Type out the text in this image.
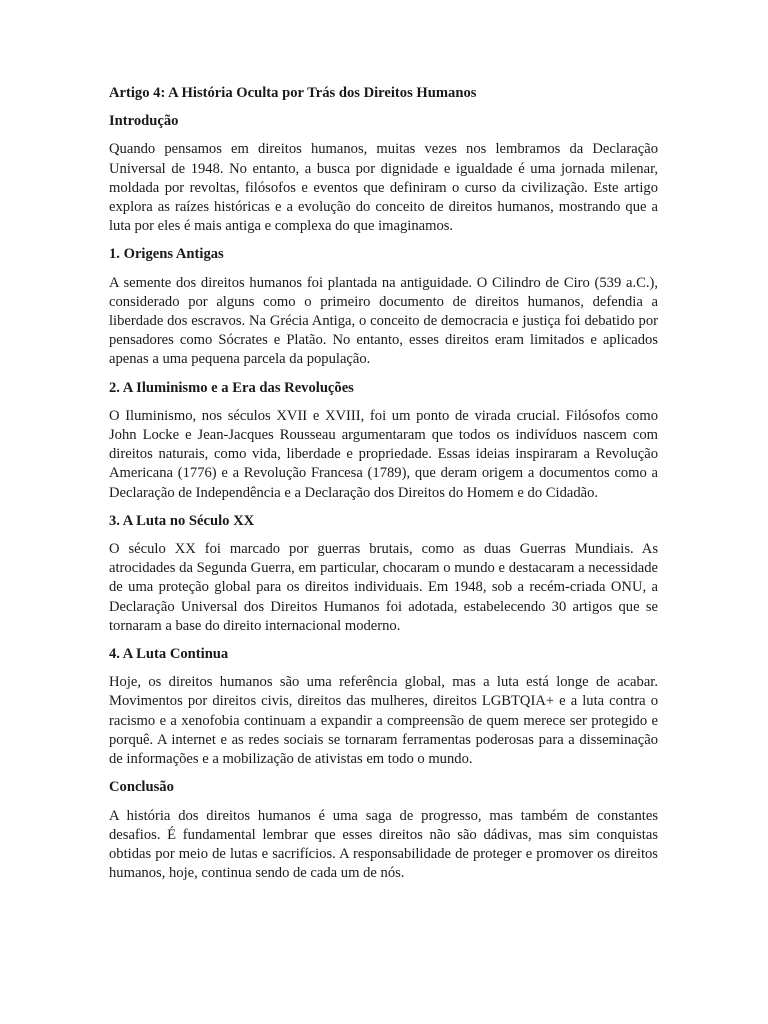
Artigo 4: A História Oculta por Trás dos Direitos Humanos
Introdução
Quando pensamos em direitos humanos, muitas vezes nos lembramos da Declaração Universal de 1948. No entanto, a busca por dignidade e igualdade é uma jornada milenar, moldada por revoltas, filósofos e eventos que definiram o curso da civilização. Este artigo explora as raízes históricas e a evolução do conceito de direitos humanos, mostrando que a luta por eles é mais antiga e complexa do que imaginamos.
1. Origens Antigas
A semente dos direitos humanos foi plantada na antiguidade. O Cilindro de Ciro (539 a.C.), considerado por alguns como o primeiro documento de direitos humanos, defendia a liberdade dos escravos. Na Grécia Antiga, o conceito de democracia e justiça foi debatido por pensadores como Sócrates e Platão. No entanto, esses direitos eram limitados e aplicados apenas a uma pequena parcela da população.
2. A Iluminismo e a Era das Revoluções
O Iluminismo, nos séculos XVII e XVIII, foi um ponto de virada crucial. Filósofos como John Locke e Jean-Jacques Rousseau argumentaram que todos os indivíduos nascem com direitos naturais, como vida, liberdade e propriedade. Essas ideias inspiraram a Revolução Americana (1776) e a Revolução Francesa (1789), que deram origem a documentos como a Declaração de Independência e a Declaração dos Direitos do Homem e do Cidadão.
3. A Luta no Século XX
O século XX foi marcado por guerras brutais, como as duas Guerras Mundiais. As atrocidades da Segunda Guerra, em particular, chocaram o mundo e destacaram a necessidade de uma proteção global para os direitos individuais. Em 1948, sob a recém-criada ONU, a Declaração Universal dos Direitos Humanos foi adotada, estabelecendo 30 artigos que se tornaram a base do direito internacional moderno.
4. A Luta Continua
Hoje, os direitos humanos são uma referência global, mas a luta está longe de acabar. Movimentos por direitos civis, direitos das mulheres, direitos LGBTQIA+ e a luta contra o racismo e a xenofobia continuam a expandir a compreensão de quem merece ser protegido e porquê. A internet e as redes sociais se tornaram ferramentas poderosas para a disseminação de informações e a mobilização de ativistas em todo o mundo.
Conclusão
A história dos direitos humanos é uma saga de progresso, mas também de constantes desafios. É fundamental lembrar que esses direitos não são dádivas, mas sim conquistas obtidas por meio de lutas e sacrifícios. A responsabilidade de proteger e promover os direitos humanos, hoje, continua sendo de cada um de nós.
